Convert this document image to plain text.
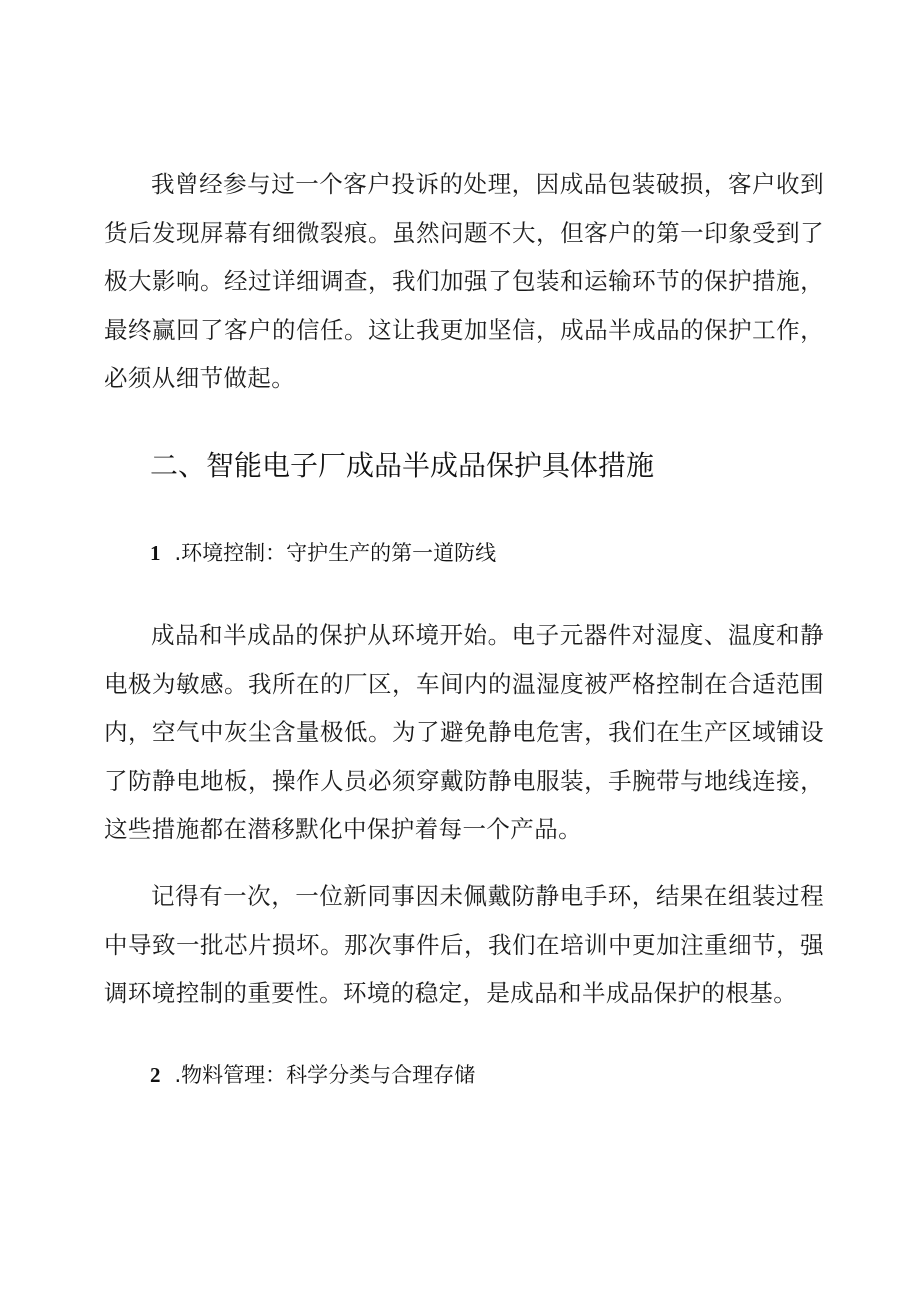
我曾经参与过一个客户投诉的处理，因成品包装破损，客户收到货后发现屏幕有细微裂痕。虽然问题不大，但客户的第一印象受到了极大影响。经过详细调查，我们加强了包装和运输环节的保护措施，最终赢回了客户的信任。这让我更加坚信，成品半成品的保护工作，必须从细节做起。

二、智能电子厂成品半成品保护具体措施
1 .环境控制：守护生产的第一道防线

成品和半成品的保护从环境开始。电子元器件对湿度、温度和静电极为敏感。我所在的厂区，车间内的温湿度被严格控制在合适范围内，空气中灰尘含量极低。为了避免静电危害，我们在生产区域铺设了防静电地板，操作人员必须穿戴防静电服装，手腕带与地线连接，这些措施都在潜移默化中保护着每一个产品。

记得有一次，一位新同事因未佩戴防静电手环，结果在组装过程中导致一批芯片损坏。那次事件后，我们在培训中更加注重细节，强调环境控制的重要性。环境的稳定，是成品和半成品保护的根基。

2 .物料管理：科学分类与合理存储
